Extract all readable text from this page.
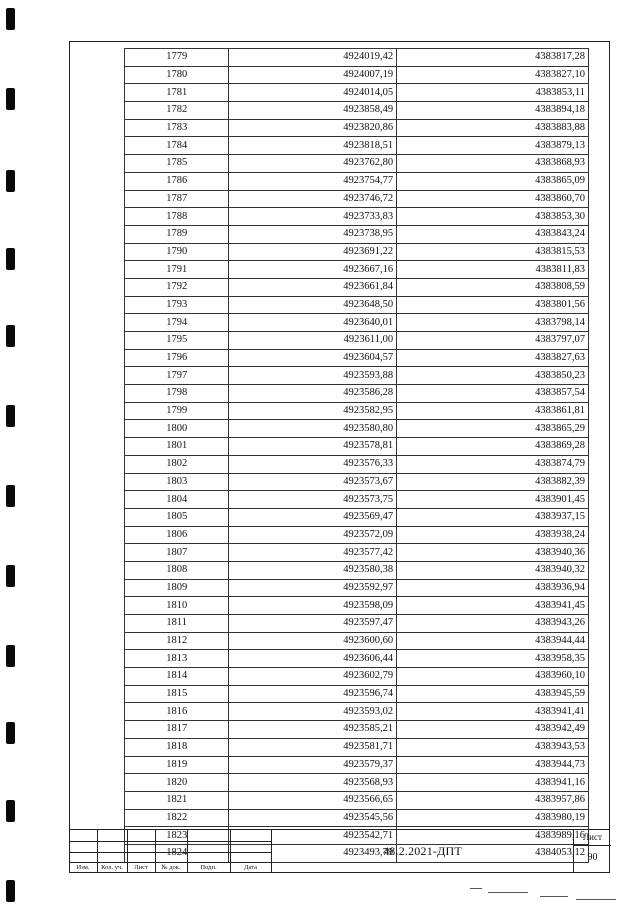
1779	4924019,42	4383817,28
1780	4924007,19	4383827,10
1781	4924014,05	4383853,11
1782	4923858,49	4383894,18
1783	4923820,86	4383883,88
1784	4923818,51	4383879,13
1785	4923762,80	4383868,93
1786	4923754,77	4383865,09
1787	4923746,72	4383860,70
1788	4923733,83	4383853,30
1789	4923738,95	4383843,24
1790	4923691,22	4383815,53
1791	4923667,16	4383811,83
1792	4923661,84	4383808,59
1793	4923648,50	4383801,56
1794	4923640,01	4383798,14
1795	4923611,00	4383797,07
1796	4923604,57	4383827,63
1797	4923593,88	4383850,23
1798	4923586,28	4383857,54
1799	4923582,95	4383861,81
1800	4923580,80	4383865,29
1801	4923578,81	4383869,28
1802	4923576,33	4383874,79
1803	4923573,67	4383882,39
1804	4923573,75	4383901,45
1805	4923569,47	4383937,15
1806	4923572,09	4383938,24
1807	4923577,42	4383940,36
1808	4923580,38	4383940,32
1809	4923592,97	4383936,94
1810	4923598,09	4383941,45
1811	4923597,47	4383943,26
1812	4923600,60	4383944,44
1813	4923606,44	4383958,35
1814	4923602,79	4383960,10
1815	4923596,74	4383945,59
1816	4923593,02	4383941,41
1817	4923585,21	4383942,49
1818	4923581,71	4383943,53
1819	4923579,37	4383944,73
1820	4923568,93	4383941,16
1821	4923566,65	4383957,86
1822	4923545,56	4383980,19
1823	4923542,71	4383989,16
	4923493,79	4384053,12
Изм.	Кол. уч.	Лист	№ док.	Подп.	Дата
48.2.2021-ДПТ
Лист
90
